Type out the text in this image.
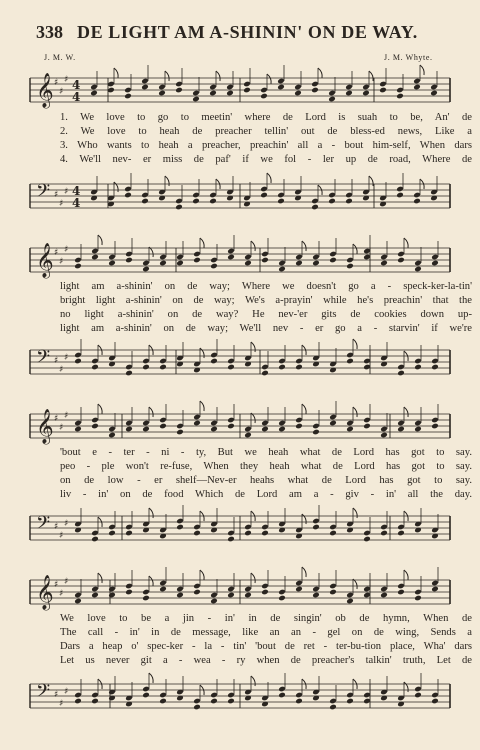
338 DE LIGHT AM A-SHININ' ON DE WAY.
J. M. W.	J. M. Whyte.
𝄞 ♯
♯
♯ 4
4
1. We love to go to meetin' where de Lord is suah to be, An' de
2. We love to heah de preacher tellin' out de bless-ed news, Like a
3. Who wants to heah a preacher, preachin' all a - bout him-self, When dars
4. We'll nev- er miss de paf' if we fol - ler up de road, Where de
𝄢 ♯
♯
♯ 4
4
𝄞 ♯
♯
♯
light am a-shinin' on de way; Where we doesn't go a - speck-ker-la-tin'
bright light a-shinin' on de way; We's a-prayin' while he's preachin' that the
no light a-shinin' on de way? He nev-'er gits de cookies down up-
light am a-shinin' on de way; We'll nev - er go a - starvin' if we're
𝄢 ♯
♯
♯
𝄞 ♯
♯
♯
'bout e - ter - ni - ty, But we heah what de Lord has got to say.
peo - ple won't re-fuse, When they heah what de Lord has got to say.
on de low - er shelf—Nev-er heahs what de Lord has got to say.
liv - in' on de food Which de Lord am a - giv - in' all the day.
𝄢 ♯
♯
♯
𝄞 ♯
♯
♯
We love to be a jin - in' in de singin' ob de hymn, When de
The call - in' in de message, like an an - gel on de wing, Sends a
Dars a heap o' spec-ker - la - tin' 'bout de ret - ter-bu-tion place, Wha' dars
Let us never git a - wea - ry when de preacher's talkin' truth, Let de
𝄢 ♯
♯
♯
